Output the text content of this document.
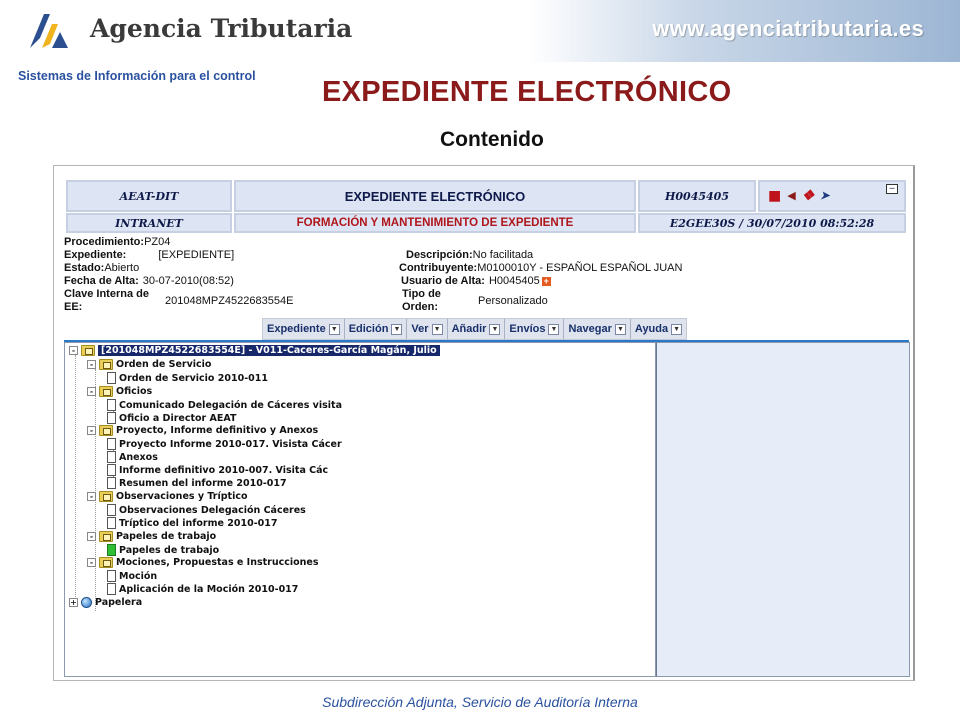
Agencia Tributaria	www.agenciatributaria.es
Sistemas de Información para el control EXPEDIENTE ELECTRÓNICO
Contenido
AEAT-DIT	EXPEDIENTE ELECTRÓNICO	H0045405	■ ◀ ❖ ➤
─
INTRANET	FORMACIÓN Y MANTENIMIENTO DE EXPEDIENTE	E2GEE30S / 30/07/2010 08:52:28
Procedimiento:PZ04
Expediente:	[EXPEDIENTE]
Estado:Abierto
Fecha de Alta: 30-07-2010(08:52)
Clave Interna de
EE:	201048MPZ4522683554E
Descripción:No facilitada
Contribuyente:M0100010Y - ESPAÑOL ESPAÑOL JUAN
Usuario de Alta: H0045405 +
Tipo de
Orden:	Personalizado
Expediente ▼ Edición ▼ Ver ▼ Añadir ▼ Envíos ▼ Navegar ▼ Ayuda ▼
-	[201048MPZ4522683554E] - V011-Caceres-García Magán, Julio
- Orden de Servicio
Orden de Servicio 2010-011
- Oficios
Comunicado Delegación de Cáceres visita
Oficio a Director AEAT
- Proyecto, Informe definitivo y Anexos
Proyecto Informe 2010-017. Visista Cácer
Anexos
Informe definitivo 2010-007. Visita Các
Resumen del informe 2010-017
- Observaciones y Tríptico
Observaciones Delegación Cáceres
Tríptico del informe 2010-017
- Papeles de trabajo
Papeles de trabajo
- Mociones, Propuestas e Instrucciones
Moción
Aplicación de la Moción 2010-017
+ Papelera
Subdirección Adjunta, Servicio de Auditoría Interna
